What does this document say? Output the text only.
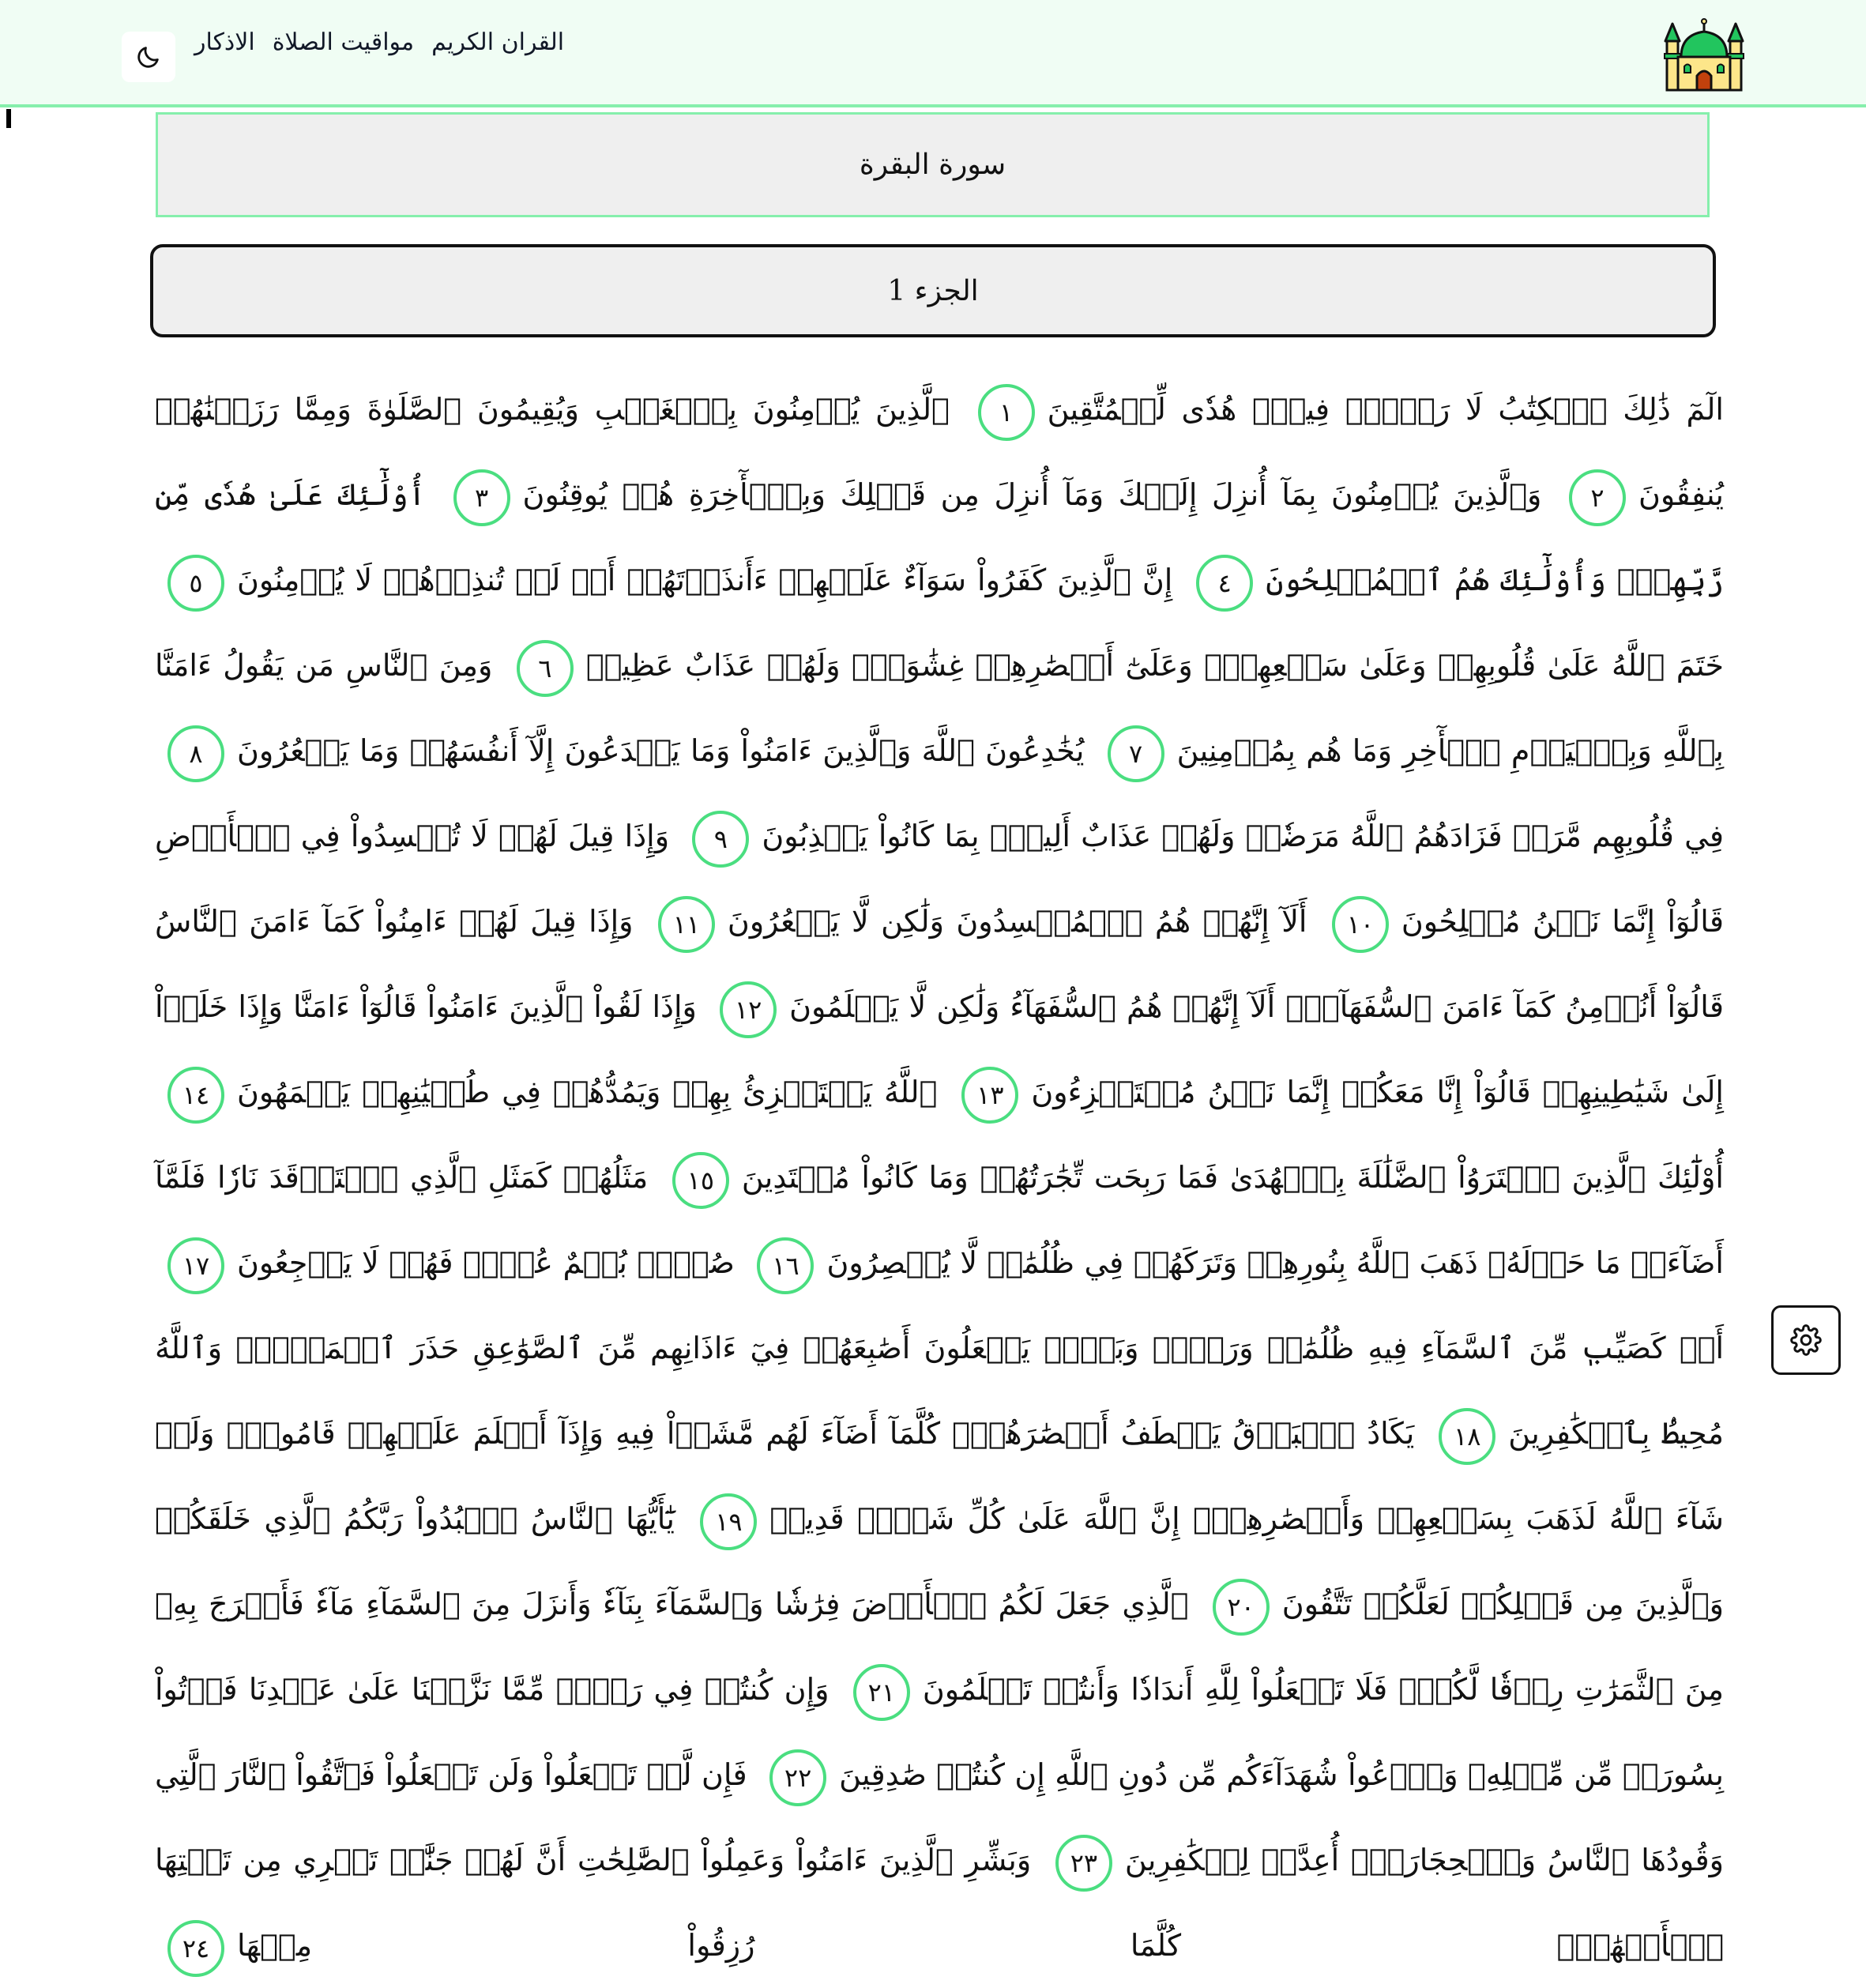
القران الكريم
مواقيت الصلاة
الاذكار
سورة البقرة
الجزء 1
الٓمٓ ذَٰلِكَ ٱلۡكِتَٰبُ لَا رَيۡبَۛ فِيهِۛ هُدٗى لِّلۡمُتَّقِينَ١ ٱلَّذِينَ يُؤۡمِنُونَ بِٱلۡغَيۡبِ وَيُقِيمُونَ ٱلصَّلَوٰةَ وَمِمَّا رَزَقۡنَٰهُمۡ يُنفِقُونَ٢ وَٱلَّذِينَ يُؤۡمِنُونَ بِمَآ أُنزِلَ إِلَيۡكَ وَمَآ أُنزِلَ مِن قَبۡلِكَ وَبِٱلۡأٓخِرَةِ هُمۡ يُوقِنُونَ٣ أُوْلَٰٓئِكَ عَلَىٰ هُدٗى مِّن رَّبِّهِمۡۖ وَأُوْلَٰٓئِكَ هُمُ ٱلۡمُفۡلِحُونَ٤ إِنَّ ٱلَّذِينَ كَفَرُواْ سَوَآءٌ عَلَيۡهِمۡ ءَأَنذَرۡتَهُمۡ أَمۡ لَمۡ تُنذِرۡهُمۡ لَا يُؤۡمِنُونَ٥ خَتَمَ ٱللَّهُ عَلَىٰ قُلُوبِهِمۡ وَعَلَىٰ سَمۡعِهِمۡۖ وَعَلَىٰٓ أَبۡصَٰرِهِمۡ غِشَٰوَةٞۖ وَلَهُمۡ عَذَابٌ عَظِيمٞ٦ وَمِنَ ٱلنَّاسِ مَن يَقُولُ ءَامَنَّا بِٱللَّهِ وَبِٱلۡيَوۡمِ ٱلۡأٓخِرِ وَمَا هُم بِمُؤۡمِنِينَ٧ يُخَٰدِعُونَ ٱللَّهَ وَٱلَّذِينَ ءَامَنُواْ وَمَا يَخۡدَعُونَ إِلَّآ أَنفُسَهُمۡ وَمَا يَشۡعُرُونَ٨ فِي قُلُوبِهِم مَّرَضٞ فَزَادَهُمُ ٱللَّهُ مَرَضٗاۖ وَلَهُمۡ عَذَابٌ أَلِيمُۢ بِمَا كَانُواْ يَكۡذِبُونَ٩ وَإِذَا قِيلَ لَهُمۡ لَا تُفۡسِدُواْ فِي ٱلۡأَرۡضِ قَالُوٓاْ إِنَّمَا نَحۡنُ مُصۡلِحُونَ١٠ أَلَآ إِنَّهُمۡ هُمُ ٱلۡمُفۡسِدُونَ وَلَٰكِن لَّا يَشۡعُرُونَ١١ وَإِذَا قِيلَ لَهُمۡ ءَامِنُواْ كَمَآ ءَامَنَ ٱلنَّاسُ قَالُوٓاْ أَنُؤۡمِنُ كَمَآ ءَامَنَ ٱلسُّفَهَآءُۗ أَلَآ إِنَّهُمۡ هُمُ ٱلسُّفَهَآءُ وَلَٰكِن لَّا يَعۡلَمُونَ١٢ وَإِذَا لَقُواْ ٱلَّذِينَ ءَامَنُواْ قَالُوٓاْ ءَامَنَّا وَإِذَا خَلَوۡاْ إِلَىٰ شَيَٰطِينِهِمۡ قَالُوٓاْ إِنَّا مَعَكُمۡ إِنَّمَا نَحۡنُ مُسۡتَهۡزِءُونَ١٣ ٱللَّهُ يَسۡتَهۡزِئُ بِهِمۡ وَيَمُدُّهُمۡ فِي طُغۡيَٰنِهِمۡ يَعۡمَهُونَ١٤ أُوْلَٰٓئِكَ ٱلَّذِينَ ٱشۡتَرَوُاْ ٱلضَّلَٰلَةَ بِٱلۡهُدَىٰ فَمَا رَبِحَت تِّجَٰرَتُهُمۡ وَمَا كَانُواْ مُهۡتَدِينَ١٥ مَثَلُهُمۡ كَمَثَلِ ٱلَّذِي ٱسۡتَوۡقَدَ نَارٗا فَلَمَّآ أَضَآءَتۡ مَا حَوۡلَهُۥ ذَهَبَ ٱللَّهُ بِنُورِهِمۡ وَتَرَكَهُمۡ فِي ظُلُمَٰتٖ لَّا يُبۡصِرُونَ١٦ صُمُّۢ بُكۡمٌ عُمۡيٞ فَهُمۡ لَا يَرۡجِعُونَ١٧ أَوۡ كَصَيِّبٖ مِّنَ ٱلسَّمَآءِ فِيهِ ظُلُمَٰتٞ وَرَعۡدٞ وَبَرۡقٞ يَجۡعَلُونَ أَصَٰبِعَهُمۡ فِيٓ ءَاذَانِهِم مِّنَ ٱلصَّوَٰعِقِ حَذَرَ ٱلۡمَوۡتِۚ وَٱللَّهُ مُحِيطُۢ بِٱلۡكَٰفِرِينَ١٨ يَكَادُ ٱلۡبَرۡقُ يَخۡطَفُ أَبۡصَٰرَهُمۡۖ كُلَّمَآ أَضَآءَ لَهُم مَّشَوۡاْ فِيهِ وَإِذَآ أَظۡلَمَ عَلَيۡهِمۡ قَامُواْۚ وَلَوۡ شَآءَ ٱللَّهُ لَذَهَبَ بِسَمۡعِهِمۡ وَأَبۡصَٰرِهِمۡۚ إِنَّ ٱللَّهَ عَلَىٰ كُلِّ شَيۡءٖ قَدِيرٞ١٩ يَٰٓأَيُّهَا ٱلنَّاسُ ٱعۡبُدُواْ رَبَّكُمُ ٱلَّذِي خَلَقَكُمۡ وَٱلَّذِينَ مِن قَبۡلِكُمۡ لَعَلَّكُمۡ تَتَّقُونَ٢٠ ٱلَّذِي جَعَلَ لَكُمُ ٱلۡأَرۡضَ فِرَٰشٗا وَٱلسَّمَآءَ بِنَآءٗ وَأَنزَلَ مِنَ ٱلسَّمَآءِ مَآءٗ فَأَخۡرَجَ بِهِۦ مِنَ ٱلثَّمَرَٰتِ رِزۡقٗا لَّكُمۡۖ فَلَا تَجۡعَلُواْ لِلَّهِ أَندَادٗا وَأَنتُمۡ تَعۡلَمُونَ٢١ وَإِن كُنتُمۡ فِي رَيۡبٖ مِّمَّا نَزَّلۡنَا عَلَىٰ عَبۡدِنَا فَأۡتُواْ بِسُورَةٖ مِّن مِّثۡلِهِۦ وَٱدۡعُواْ شُهَدَآءَكُم مِّن دُونِ ٱللَّهِ إِن كُنتُمۡ صَٰدِقِينَ٢٢ فَإِن لَّمۡ تَفۡعَلُواْ وَلَن تَفۡعَلُواْ فَٱتَّقُواْ ٱلنَّارَ ٱلَّتِي وَقُودُهَا ٱلنَّاسُ وَٱلۡحِجَارَةُۖ أُعِدَّتۡ لِلۡكَٰفِرِينَ٢٣ وَبَشِّرِ ٱلَّذِينَ ءَامَنُواْ وَعَمِلُواْ ٱلصَّٰلِحَٰتِ أَنَّ لَهُمۡ جَنَّٰتٖ تَجۡرِي مِن تَحۡتِهَا ٱلۡأَنۡهَٰرُۖ كُلَّمَا رُزِقُواْ مِنۡهَا٢٤
